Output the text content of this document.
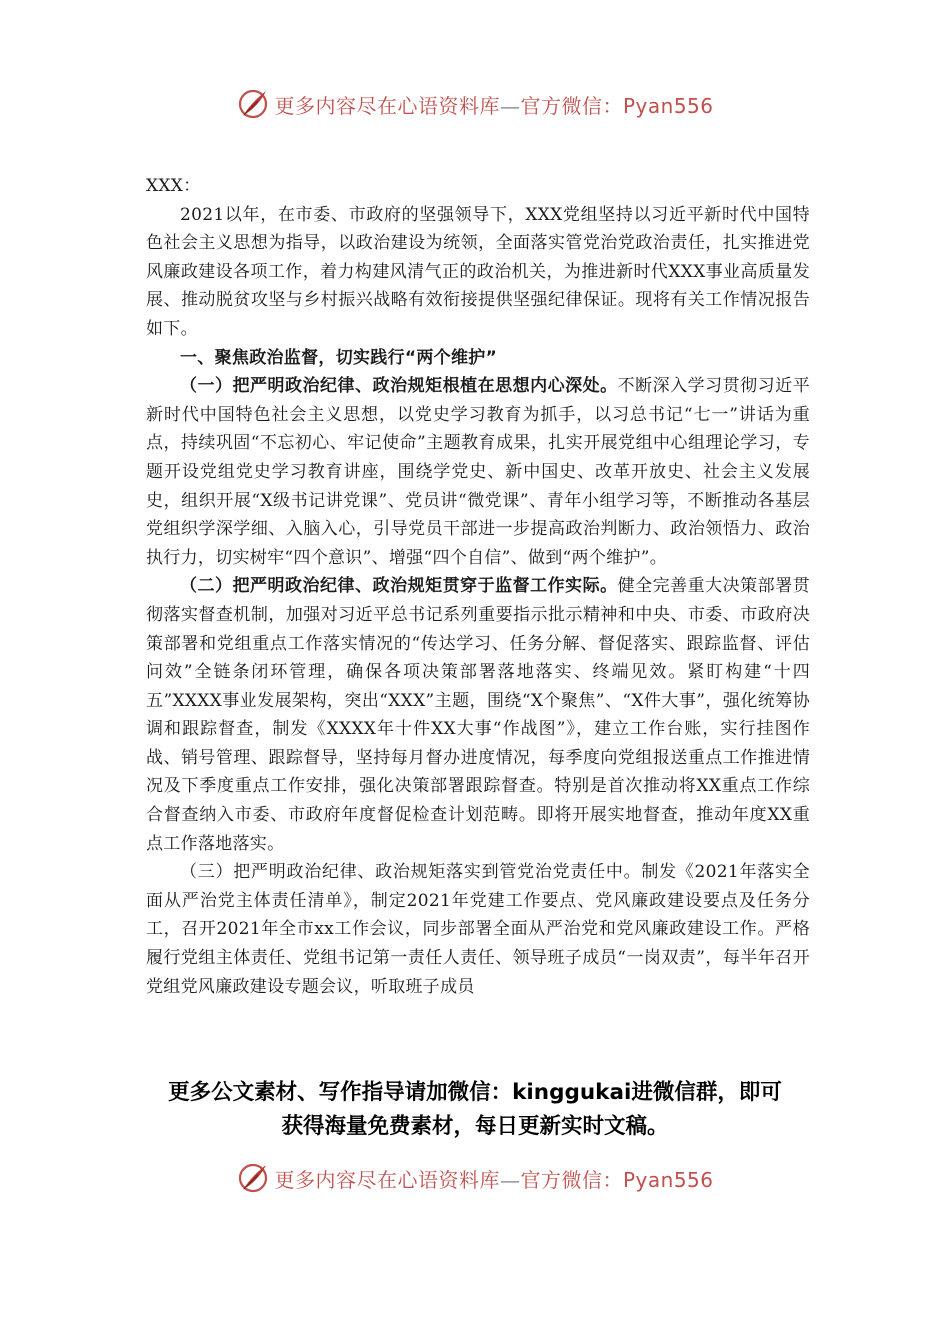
更多内容尽在心语资料库—官方微信：Pyan556

XXX：

2021以年，在市委、市政府的坚强领导下，XXX党组坚持以习近平新时代中国特色社会主义思想为指导，以政治建设为统领，全面落实管党治党政治责任，扎实推进党风廉政建设各项工作，着力构建风清气正的政治机关，为推进新时代XXX事业高质量发展、推动脱贫攻坚与乡村振兴战略有效衔接提供坚强纪律保证。现将有关工作情况报告如下。

一、聚焦政治监督，切实践行“两个维护”

（一）把严明政治纪律、政治规矩根植在思想内心深处。不断深入学习贯彻习近平新时代中国特色社会主义思想，以党史学习教育为抓手，以习总书记“七一”讲话为重点，持续巩固“不忘初心、牢记使命”主题教育成果，扎实开展党组中心组理论学习，专题开设党组党史学习教育讲座，围绕学党史、新中国史、改革开放史、社会主义发展史，组织开展“X级书记讲党课”、党员讲“微党课”、青年小组学习等，不断推动各基层党组织学深学细、入脑入心，引导党员干部进一步提高政治判断力、政治领悟力、政治执行力，切实树牢“四个意识”、增强“四个自信”、做到“两个维护”。

（二）把严明政治纪律、政治规矩贯穿于监督工作实际。健全完善重大决策部署贯彻落实督查机制，加强对习近平总书记系列重要指示批示精神和中央、市委、市政府决策部署和党组重点工作落实情况的“传达学习、任务分解、督促落实、跟踪监督、评估问效”全链条闭环管理，确保各项决策部署落地落实、终端见效。紧盯构建“十四五”XXXX事业发展架构，突出“XXX”主题，围绕“X个聚焦”、“X件大事”，强化统筹协调和跟踪督查，制发《XXXX年十件XX大事“作战图”》，建立工作台账，实行挂图作战、销号管理、跟踪督导，坚持每月督办进度情况，每季度向党组报送重点工作推进情况及下季度重点工作安排，强化决策部署跟踪督查。特别是首次推动将XX重点工作综合督查纳入市委、市政府年度督促检查计划范畴。即将开展实地督查，推动年度XX重点工作落地落实。

（三）把严明政治纪律、政治规矩落实到管党治党责任中。制发《2021年落实全面从严治党主体责任清单》，制定2021年党建工作要点、党风廉政建设要点及任务分工，召开2021年全市xx工作会议，同步部署全面从严治党和党风廉政建设工作。严格履行党组主体责任、党组书记第一责任人责任、领导班子成员“一岗双责”，每半年召开党组党风廉政建设专题会议，听取班子成员

更多公文素材、写作指导请加微信：kinggukai进微信群，即可
获得海量免费素材，每日更新实时文稿。
更多内容尽在心语资料库—官方微信：Pyan556
